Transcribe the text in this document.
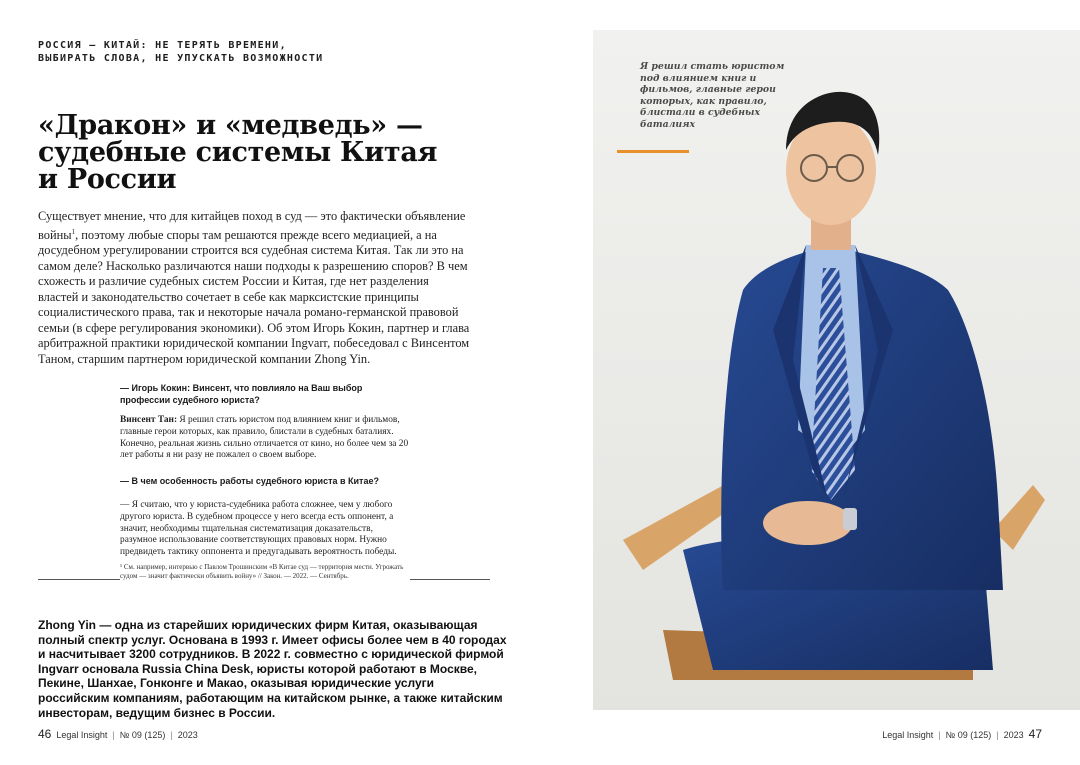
РОССИЯ — КИТАЙ: НЕ ТЕРЯТЬ ВРЕМЕНИ,
ВЫБИРАТЬ СЛОВА, НЕ УПУСКАТЬ ВОЗМОЖНОСТИ
«Дракон» и «медведь» —
судебные системы Китая
и России

Существует мнение, что для китайцев поход в суд — это фактически объявление войны$^1$, поэтому любые споры там решаются прежде всего медиацией, а на досудебном урегулировании строится вся судебная система Китая. Так ли это на самом деле? Насколько различаются наши подходы к разрешению споров? В чем схожесть и различие судебных систем России и Китая, где нет разделения властей и законодательство сочетает в себе как марксистские принципы социалистического права, так и некоторые начала романо-германской правовой семьи (в сфере регулирования экономики). Об этом Игорь Кокин, партнер и глава арбитражной практики юридической компании Ingvarr, побеседовал с Винсентом Таном, старшим партнером юридической компании Zhong Yin.

— Игорь Кокин: Винсент, что повлияло на Ваш выбор профессии судебного юриста?
Винсент Тан: Я решил стать юристом под влиянием книг и фильмов, главные герои которых, как правило, блистали в судебных баталиях. Конечно, реальная жизнь сильно отличается от кино, но более чем за 20 лет работы я ни разу не пожалел о своем выборе.
— В чем особенность работы судебного юриста в Китае?
— Я считаю, что у юриста-судебника работа сложнее, чем у любого другого юриста. В судебном процессе у него всегда есть оппонент, а значит, необходимы тщательная систематизация доказательств, разумное использование соответствующих правовых норм. Нужно предвидеть тактику оппонента и предугадывать вероятность победы.
¹ См. например, интервью с Павлом Трошинским «В Китае суд — территория мести. Угрожать судом — значит фактически объявить войну» // Закон. — 2022. — Сентябрь.
Zhong Yin — одна из старейших юридических фирм Китая, оказывающая полный спектр услуг. Основана в 1993 г. Имеет офисы более чем в 40 городах и насчитывает 3200 сотрудников. В 2022 г. совместно с юридической фирмой Ingvarr основала Russia China Desk, юристы которой работают в Москве, Пекине, Шанхае, Гонконге и Макао, оказывая юридические услуги российским компаниям, работающим на китайском рынке, а также китайским инвесторам, ведущим бизнес в России.
46 Legal Insight | № 09 (125) | 2023	Legal Insight | № 09 (125) | 2023 47
Я решил стать юристом под влиянием книг и фильмов, главные герои которых, как правило, блистали в судебных баталиях
